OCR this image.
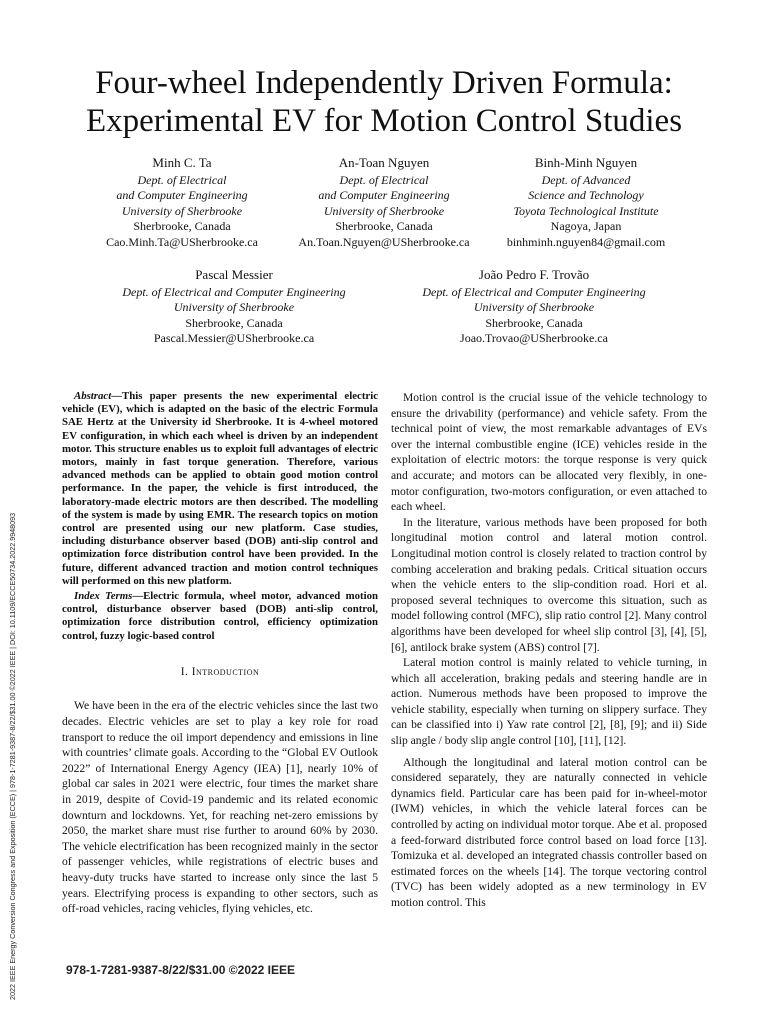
Four-wheel Independently Driven Formula:
Experimental EV for Motion Control Studies
Minh C. Ta
Dept. of Electrical
and Computer Engineering
University of Sherbrooke
Sherbrooke, Canada
Cao.Minh.Ta@USherbrooke.ca
An-Toan Nguyen
Dept. of Electrical
and Computer Engineering
University of Sherbrooke
Sherbrooke, Canada
An.Toan.Nguyen@USherbrooke.ca
Binh-Minh Nguyen
Dept. of Advanced
Science and Technology
Toyota Technological Institute
Nagoya, Japan
binhminh.nguyen84@gmail.com
Pascal Messier
Dept. of Electrical and Computer Engineering
University of Sherbrooke
Sherbrooke, Canada
Pascal.Messier@USherbrooke.ca
João Pedro F. Trovão
Dept. of Electrical and Computer Engineering
University of Sherbrooke
Sherbrooke, Canada
Joao.Trovao@USherbrooke.ca
2022 IEEE Energy Conversion Congress and Exposition (ECCE) | 978-1-7281-9387-8/22/$31.00 ©2022 IEEE | DOI: 10.1109/ECCE50734.2022.9948093

Abstract—This paper presents the new experimental electric vehicle (EV), which is adapted on the basic of the electric Formula SAE Hertz at the University id Sherbrooke. It is 4-wheel motored EV configuration, in which each wheel is driven by an independent motor. This structure enables us to exploit full advantages of electric motors, mainly in fast torque generation. Therefore, various advanced methods can be applied to obtain good motion control performance. In the paper, the vehicle is first introduced, the laboratory-made electric motors are then described. The modelling of the system is made by using EMR. The research topics on motion control are presented using our new platform. Case studies, including disturbance observer based (DOB) anti-slip control and optimization force distribution control have been provided. In the future, different advanced traction and motion control techniques will performed on this new platform.

Index Terms—Electric formula, wheel motor, advanced motion control, disturbance observer based (DOB) anti-slip control, optimization force distribution control, efficiency optimization control, fuzzy logic-based control

I. Introduction

We have been in the era of the electric vehicles since the last two decades. Electric vehicles are set to play a key role for road transport to reduce the oil import dependency and emissions in line with countries’ climate goals. According to the “Global EV Outlook 2022” of International Energy Agency (IEA) [1], nearly 10% of global car sales in 2021 were electric, four times the market share in 2019, despite of Covid-19 pandemic and its related economic downturn and lockdowns. Yet, for reaching net-zero emissions by 2050, the market share must rise further to around 60% by 2030. The vehicle electrification has been recognized mainly in the sector of passenger vehicles, while registrations of electric buses and heavy-duty trucks have started to increase only since the last 5 years. Electrifying process is expanding to other sectors, such as off-road vehicles, racing vehicles, flying vehicles, etc.

Motion control is the crucial issue of the vehicle technology to ensure the drivability (performance) and vehicle safety. From the technical point of view, the most remarkable advantages of EVs over the internal combustible engine (ICE) vehicles reside in the exploitation of electric motors: the torque response is very quick and accurate; and motors can be allocated very flexibly, in one-motor configuration, two-motors configuration, or even attached to each wheel.

In the literature, various methods have been proposed for both longitudinal motion control and lateral motion control. Longitudinal motion control is closely related to traction control by combing acceleration and braking pedals. Critical situation occurs when the vehicle enters to the slip-condition road. Hori et al. proposed several techniques to overcome this situation, such as model following control (MFC), slip ratio control [2]. Many control algorithms have been developed for wheel slip control [3], [4], [5], [6], antilock brake system (ABS) control [7].

Lateral motion control is mainly related to vehicle turning, in which all acceleration, braking pedals and steering handle are in action. Numerous methods have been proposed to improve the vehicle stability, especially when turning on slippery surface. They can be classified into i) Yaw rate control [2], [8], [9]; and ii) Side slip angle / body slip angle control [10], [11], [12].

Although the longitudinal and lateral motion control can be considered separately, they are naturally connected in vehicle dynamics field. Particular care has been paid for in-wheel-motor (IWM) vehicles, in which the vehicle lateral forces can be controlled by acting on individual motor torque. Abe et al. proposed a feed-forward distributed force control based on load force [13]. Tomizuka et al. developed an integrated chassis controller based on estimated forces on the wheels [14]. The torque vectoring control (TVC) has been widely adopted as a new terminology in EV motion control. This

978-1-7281-9387-8/22/$31.00 ©2022 IEEE
